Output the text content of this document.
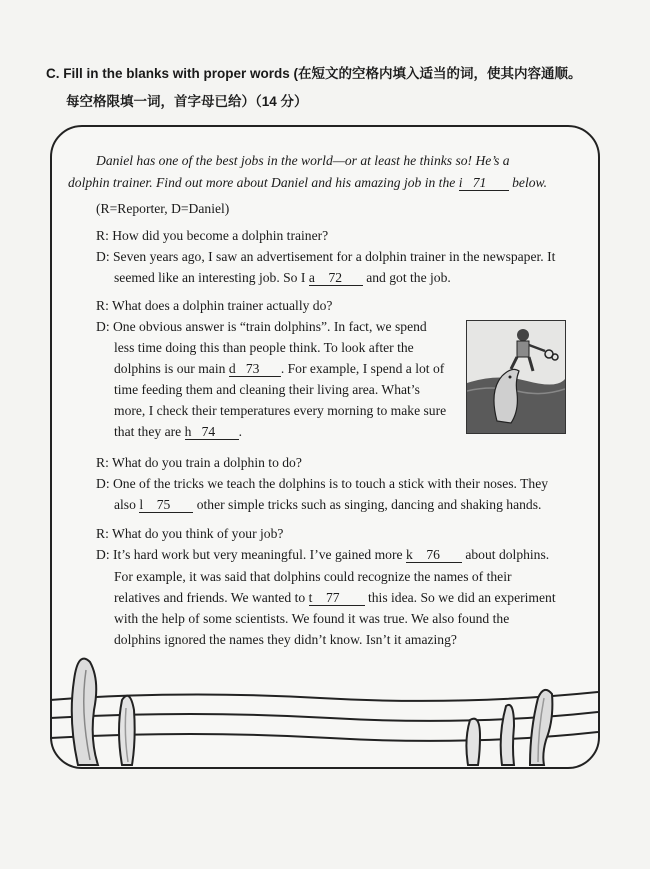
C. Fill in the blanks with proper words (在短文的空格内填入适当的词，使其内容通顺。
每空格限填一词，首字母已给）（14 分）
Daniel has one of the best jobs in the world—or at least he thinks so! He’s a
dolphin trainer. Find out more about Daniel and his amazing job in the i 71 below.
(R=Reporter, D=Daniel)
R: How did you become a dolphin trainer?
D: Seven years ago, I saw an advertisement for a dolphin trainer in the newspaper. It
seemed like an interesting job. So I a 72 and got the job.
R: What does a dolphin trainer actually do?
D: One obvious answer is “train dolphins”. In fact, we spend
less time doing this than people think. To look after the
dolphins is our main d 73 . For example, I spend a lot of
time feeding them and cleaning their living area. What’s
more, I check their temperatures every morning to make sure
that they are h 74 .
R: What do you train a dolphin to do?
D: One of the tricks we teach the dolphins is to touch a stick with their noses. They
also l 75 other simple tricks such as singing, dancing and shaking hands.
R: What do you think of your job?
D: It’s hard work but very meaningful. I’ve gained more k 76 about dolphins.
For example, it was said that dolphins could recognize the names of their
relatives and friends. We wanted to t 77 this idea. So we did an experiment
with the help of some scientists. We found it was true. We also found the
dolphins ignored the names they didn’t know. Isn’t it amazing?
